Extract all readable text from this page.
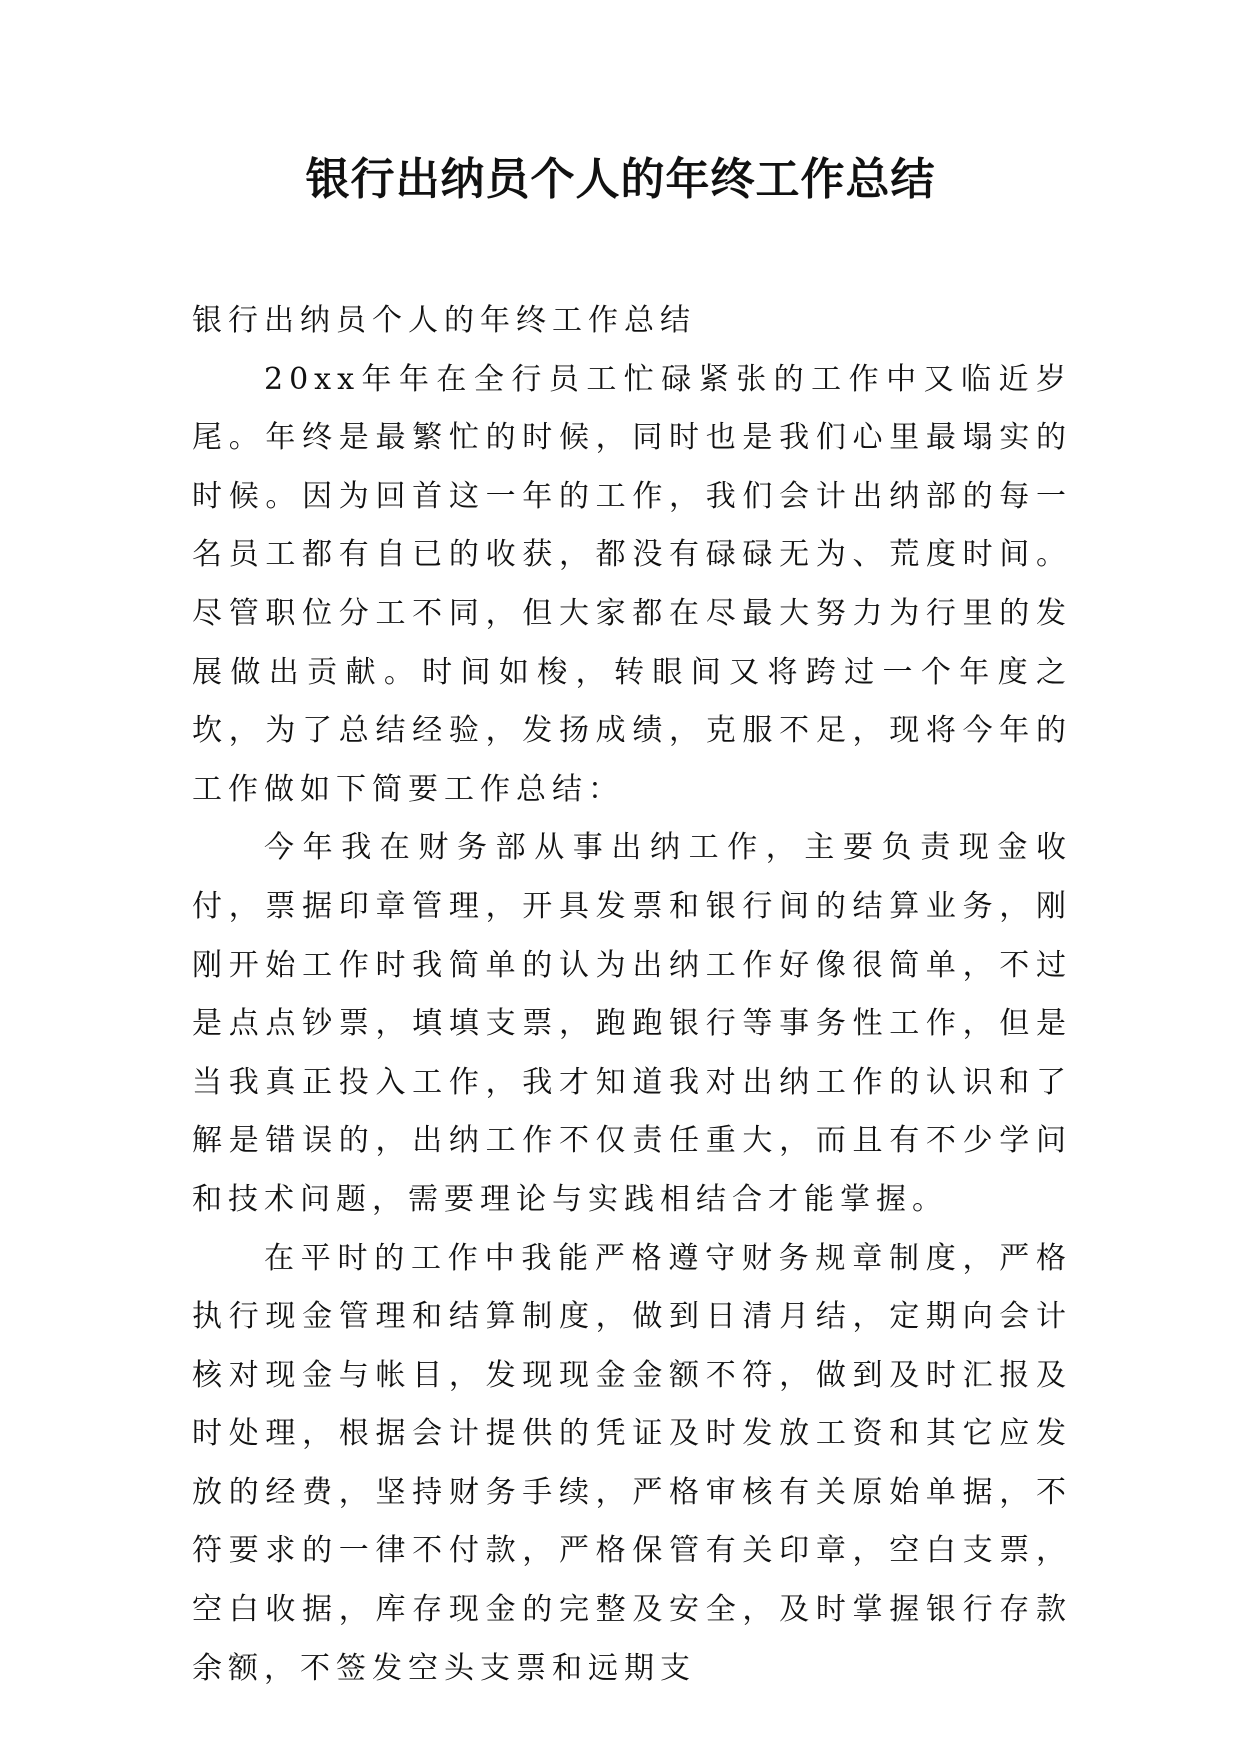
银行出纳员个人的年终工作总结

银行出纳员个人的年终工作总结

20xx年年在全行员工忙碌紧张的工作中又临近岁尾。年终是最繁忙的时候，同时也是我们心里最塌实的时候。因为回首这一年的工作，我们会计出纳部的每一名员工都有自已的收获，都没有碌碌无为、荒度时间。尽管职位分工不同，但大家都在尽最大努力为行里的发展做出贡献。时间如梭，转眼间又将跨过一个年度之坎，为了总结经验，发扬成绩，克服不足，现将今年的工作做如下简要工作总结：

今年我在财务部从事出纳工作，主要负责现金收付，票据印章管理，开具发票和银行间的结算业务，刚刚开始工作时我简单的认为出纳工作好像很简单，不过是点点钞票，填填支票，跑跑银行等事务性工作，但是当我真正投入工作，我才知道我对出纳工作的认识和了解是错误的，出纳工作不仅责任重大，而且有不少学问和技术问题，需要理论与实践相结合才能掌握。

在平时的工作中我能严格遵守财务规章制度，严格执行现金管理和结算制度，做到日清月结，定期向会计核对现金与帐目，发现现金金额不符，做到及时汇报及时处理，根据会计提供的凭证及时发放工资和其它应发放的经费，坚持财务手续，严格审核有关原始单据，不符要求的一律不付款，严格保管有关印章，空白支票，空白收据，库存现金的完整及安全，及时掌握银行存款余额，不签发空头支票和远期支
